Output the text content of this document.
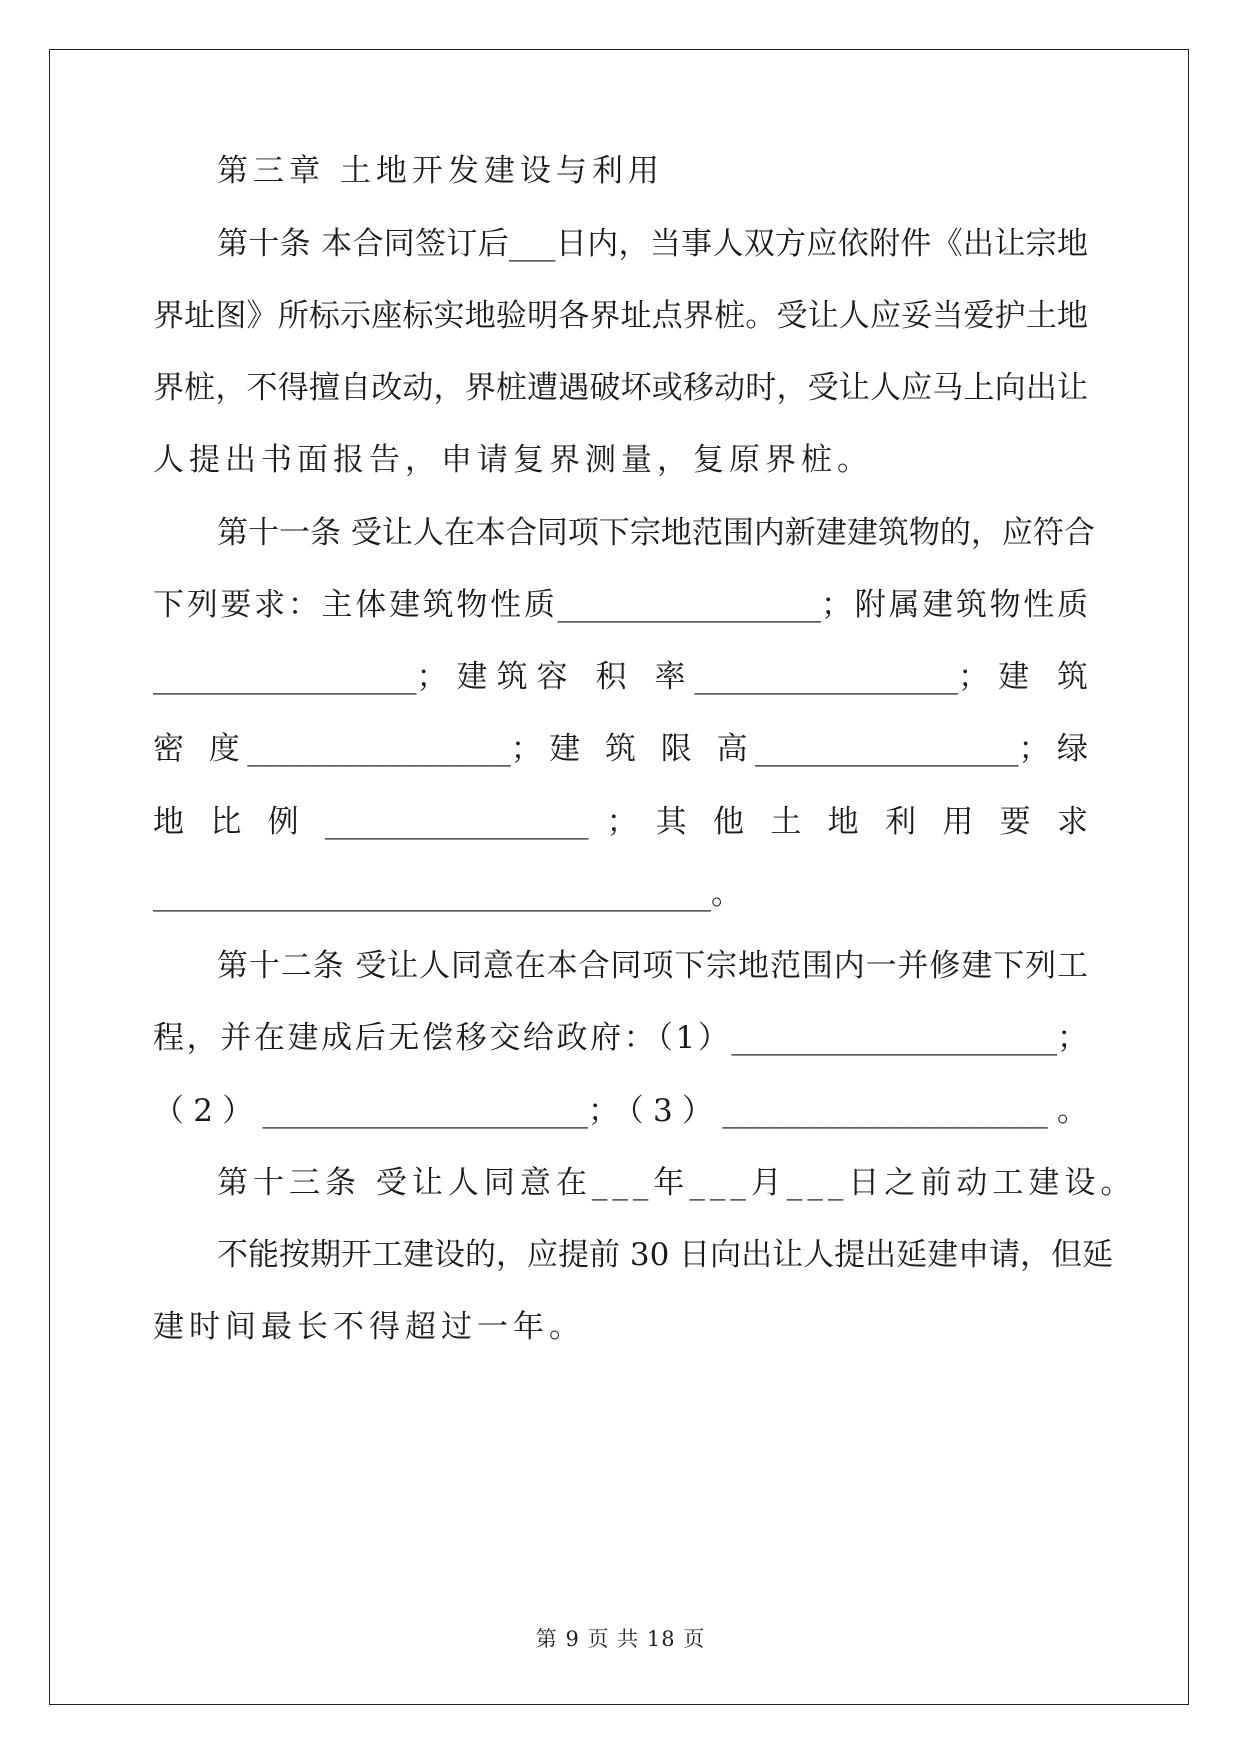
第三章 土地开发建设与利用
第十条 本合同签订后___日内，当事人双方应依附件《出让宗地
界址图》所标示座标实地验明各界址点界桩。受让人应妥当爱护土地
界桩，不得擅自改动，界桩遭遇破坏或移动时，受让人应马上向出让
人提出书面报告，申请复界测量，复原界桩。
第十一条 受让人在本合同项下宗地范围内新建建筑物的，应符合
下列要求：主体建筑物性质_________________；附属建筑物性质
_________________；建筑容 积 率_________________；建 筑
密 度_________________；建 筑 限 高_________________；绿
地 比 例 _________________ ； 其 他 土 地 利 用 要 求
____________________________________。
第十二条 受让人同意在本合同项下宗地范围内一并修建下列工
程，并在建成后无偿移交给政府：（1）_____________________；
（2）_____________________；（3）_____________________。
第十三条 受让人同意在___年___月___日之前动工建设。
不能按期开工建设的，应提前 30 日向出让人提出延建申请，但延
建时间最长不得超过一年。
第 9 页 共 18 页
